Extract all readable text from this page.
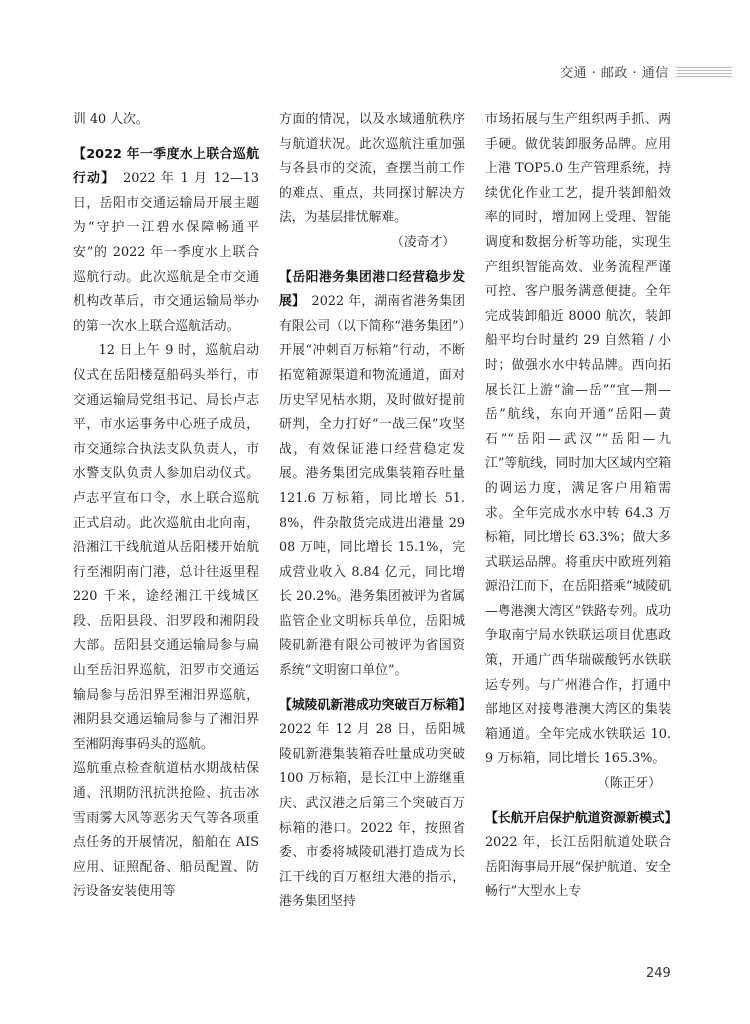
交通 · 邮政 · 通信

训 40 人次。

【2022 年一季度水上联合巡航行动】　 2022 年 1 月 12—13 日，岳阳市交通运输局开展主题为“守护一江碧水保障畅通平安”的 2022 年一季度水上联合巡航行动。此次巡航是全市交通机构改革后，市交通运输局举办的第一次水上联合巡航活动。

12 日上午 9 时，巡航启动仪式在岳阳楼趸船码头举行，市交通运输局党组书记、局长卢志平，市水运事务中心班子成员，市交通综合执法支队负责人，市水警支队负责人参加启动仪式。卢志平宣布口令，水上联合巡航正式启动。此次巡航由北向南，沿湘江干线航道从岳阳楼开始航行至湘阴南门港，总计往返里程 220 千米，途经湘江干线城区段、岳阳县段、汨罗段和湘阴段大部。岳阳县交通运输局参与扁山至岳汨界巡航，汨罗市交通运输局参与岳汨界至湘汨界巡航，湘阴县交通运输局参与了湘汨界至湘阴海事码头的巡航。

巡航重点检查航道枯水期战枯保通、汛期防汛抗洪抢险、抗击冰雪雨雾大风等恶劣天气等各项重点任务的开展情况，船舶在 AIS 应用、证照配备、船员配置、防污设备安装使用等

方面的情况，以及水域通航秩序与航道状况。此次巡航注重加强与各县市的交流，查摆当前工作的难点、重点，共同探讨解决方法，为基层排忧解难。

（凌奇才）

【岳阳港务集团港口经营稳步发展】　 2022 年，湖南省港务集团有限公司（以下简称“港务集团”）开展“冲刺百万标箱”行动，不断拓宽箱源渠道和物流通道，面对历史罕见枯水期，及时做好提前研判，全力打好“一战三保”攻坚战，有效保证港口经营稳定发展。港务集团完成集装箱吞吐量 121.6 万标箱，同比增长 51.8%，件杂散货完成进出港量 2908 万吨，同比增长 15.1%，完成营业收入 8.84 亿元，同比增长 20.2%。港务集团被评为省属监管企业文明标兵单位，岳阳城陵矶新港有限公司被评为省国资系统“文明窗口单位”。

【城陵矶新港成功突破百万标箱】　2022 年 12 月 28 日，岳阳城陵矶新港集装箱吞吐量成功突破 100 万标箱，是长江中上游继重庆、武汉港之后第三个突破百万标箱的港口。2022 年，按照省委、市委将城陵矶港打造成为长江干线的百万枢纽大港的指示，港务集团坚持

市场拓展与生产组织两手抓、两手硬。做优装卸服务品牌。应用上港 TOP5.0 生产管理系统，持续优化作业工艺，提升装卸船效率的同时，增加网上受理、智能调度和数据分析等功能，实现生产组织智能高效、业务流程严谨可控、客户服务满意便捷。全年完成装卸船近 8000 航次，装卸船平均台时量约 29 自然箱 / 小时；做强水水中转品牌。西向拓展长江上游“渝—岳”“宜—荆—岳”航线，东向开通“岳阳—黄石”“岳阳—武汉”“岳阳—九江”等航线，同时加大区域内空箱的调运力度，满足客户用箱需求。全年完成水水中转 64.3 万标箱，同比增长 63.3%；做大多式联运品牌。将重庆中欧班列箱源沿江而下，在岳阳搭乘“城陵矶—粤港澳大湾区”铁路专列。成功争取南宁局水铁联运项目优惠政策，开通广西华瑞碳酸钙水铁联运专列。与广州港合作，打通中部地区对接粤港澳大湾区的集装箱通道。全年完成水铁联运 10.9 万标箱，同比增长 165.3%。

（陈正牙）

【长航开启保护航道资源新模式】　2022 年，长江岳阳航道处联合岳阳海事局开展“保护航道、安全畅行”大型水上专

249
